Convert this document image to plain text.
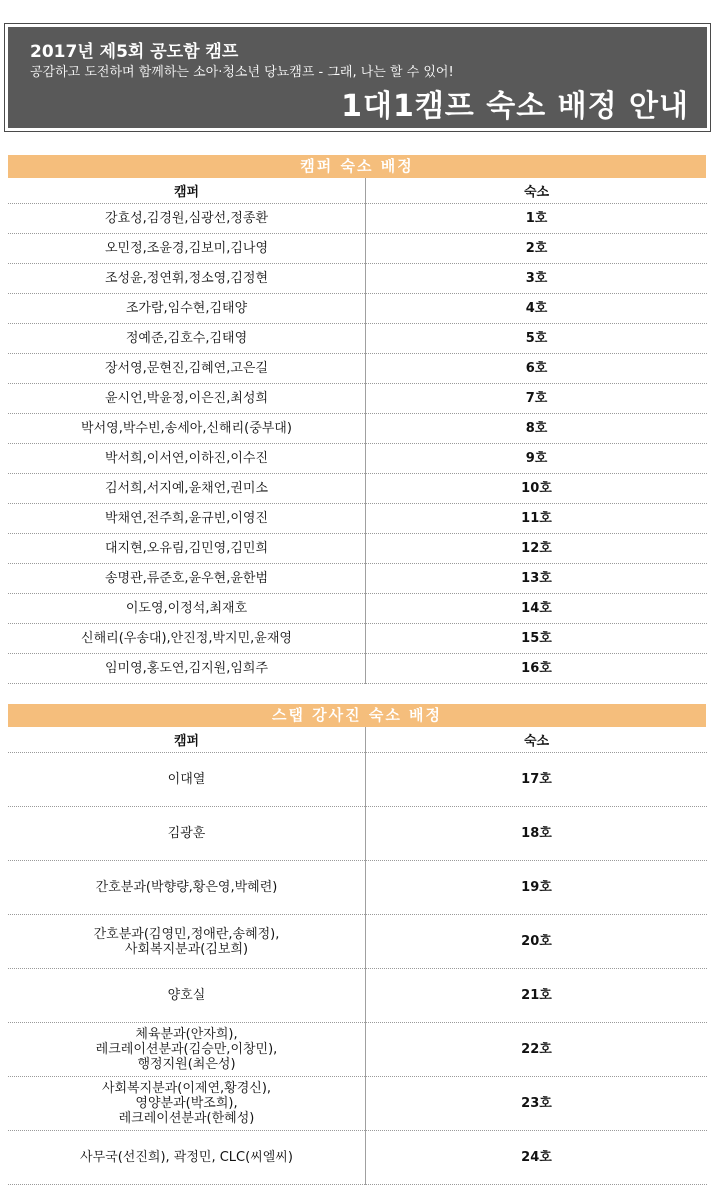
2017년 제5회 공도함 캠프
공감하고 도전하며 함께하는 소아·청소년 당뇨캠프 - 그래, 나는 할 수 있어!
1대1캠프 숙소 배정 안내
캠퍼 숙소 배정
캠퍼	숙소
강효성,김경원,심광선,정종환	1호
오민정,조윤경,김보미,김나영	2호
조성윤,정연휘,정소영,김정현	3호
조가람,임수현,김태양	4호
정예준,김호수,김태영	5호
장서영,문현진,김혜연,고은길	6호
윤시언,박윤정,이은진,최성희	7호
박서영,박수빈,송세아,신해리(중부대)	8호
박서희,이서연,이하진,이수진	9호
김서희,서지예,윤채언,권미소	10호
박채연,전주희,윤규빈,이영진	11호
대지현,오유림,김민영,김민희	12호
송명관,류준호,윤우현,윤한범	13호
이도영,이정석,최재호	14호
신해리(우송대),안진정,박지민,윤재영	15호
임미영,홍도연,김지원,임희주	16호
스탭 강사진 숙소 배정
캠퍼	숙소

이대열	17호

김광훈	18호

간호분과(박향량,황은영,박혜련)	19호

간호분과(김영민,정애란,송혜정),
사회복지분과(김보희)	20호

양호실	21호

체육분과(안자희),
레크레이션분과(김승만,이창민),
행정지원(최은성)	22호

사회복지분과(이제연,황경신),
영양분과(박조희),
레크레이션분과(한혜성)	23호

사무국(선진희), 곽정민, CLC(씨엘씨)	24호
